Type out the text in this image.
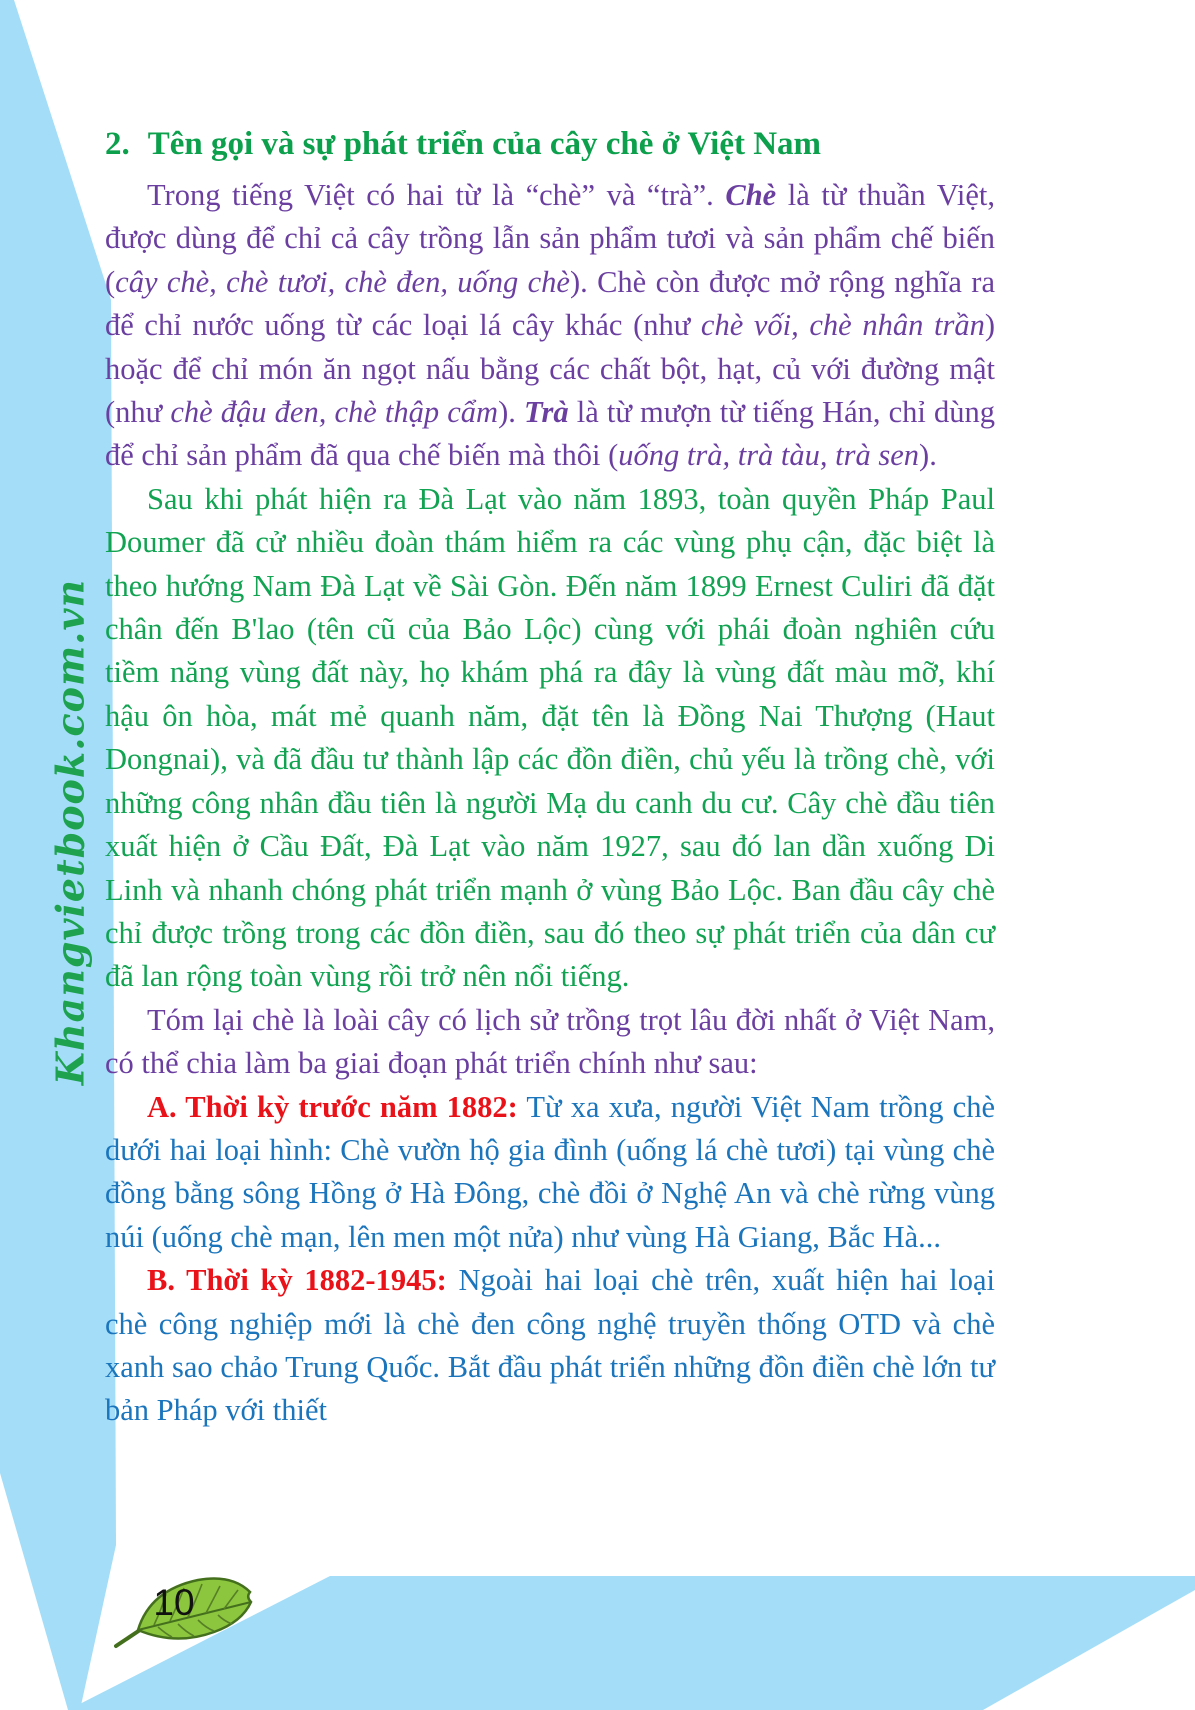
Khangvietbook.com.vn

2. Tên gọi và sự phát triển của cây chè ở Việt Nam

Trong tiếng Việt có hai từ là “chè” và “trà”. Chè là từ thuần Việt, được dùng để chỉ cả cây trồng lẫn sản phẩm tươi và sản phẩm chế biến (cây chè, chè tươi, chè đen, uống chè). Chè còn được mở rộng nghĩa ra để chỉ nước uống từ các loại lá cây khác (như chè vối, chè nhân trần) hoặc để chỉ món ăn ngọt nấu bằng các chất bột, hạt, củ với đường mật (như chè đậu đen, chè thập cẩm). Trà là từ mượn từ tiếng Hán, chỉ dùng để chỉ sản phẩm đã qua chế biến mà thôi (uống trà, trà tàu, trà sen).

Sau khi phát hiện ra Đà Lạt vào năm 1893, toàn quyền Pháp Paul Doumer đã cử nhiều đoàn thám hiểm ra các vùng phụ cận, đặc biệt là theo hướng Nam Đà Lạt về Sài Gòn. Đến năm 1899 Ernest Culiri đã đặt chân đến B'lao (tên cũ của Bảo Lộc) cùng với phái đoàn nghiên cứu tiềm năng vùng đất này, họ khám phá ra đây là vùng đất màu mỡ, khí hậu ôn hòa, mát mẻ quanh năm, đặt tên là Đồng Nai Thượng (Haut Dongnai), và đã đầu tư thành lập các đồn điền, chủ yếu là trồng chè, với những công nhân đầu tiên là người Mạ du canh du cư. Cây chè đầu tiên xuất hiện ở Cầu Đất, Đà Lạt vào năm 1927, sau đó lan dần xuống Di Linh và nhanh chóng phát triển mạnh ở vùng Bảo Lộc. Ban đầu cây chè chỉ được trồng trong các đồn điền, sau đó theo sự phát triển của dân cư đã lan rộng toàn vùng rồi trở nên nổi tiếng.

Tóm lại chè là loài cây có lịch sử trồng trọt lâu đời nhất ở Việt Nam, có thể chia làm ba giai đoạn phát triển chính như sau:

A. Thời kỳ trước năm 1882: Từ xa xưa, người Việt Nam trồng chè dưới hai loại hình: Chè vườn hộ gia đình (uống lá chè tươi) tại vùng chè đồng bằng sông Hồng ở Hà Đông, chè đồi ở Nghệ An và chè rừng vùng núi (uống chè mạn, lên men một nửa) như vùng Hà Giang, Bắc Hà...

B. Thời kỳ 1882-1945: Ngoài hai loại chè trên, xuất hiện hai loại chè công nghiệp mới là chè đen công nghệ truyền thống OTD và chè xanh sao chảo Trung Quốc. Bắt đầu phát triển những đồn điền chè lớn tư bản Pháp với thiết

10
